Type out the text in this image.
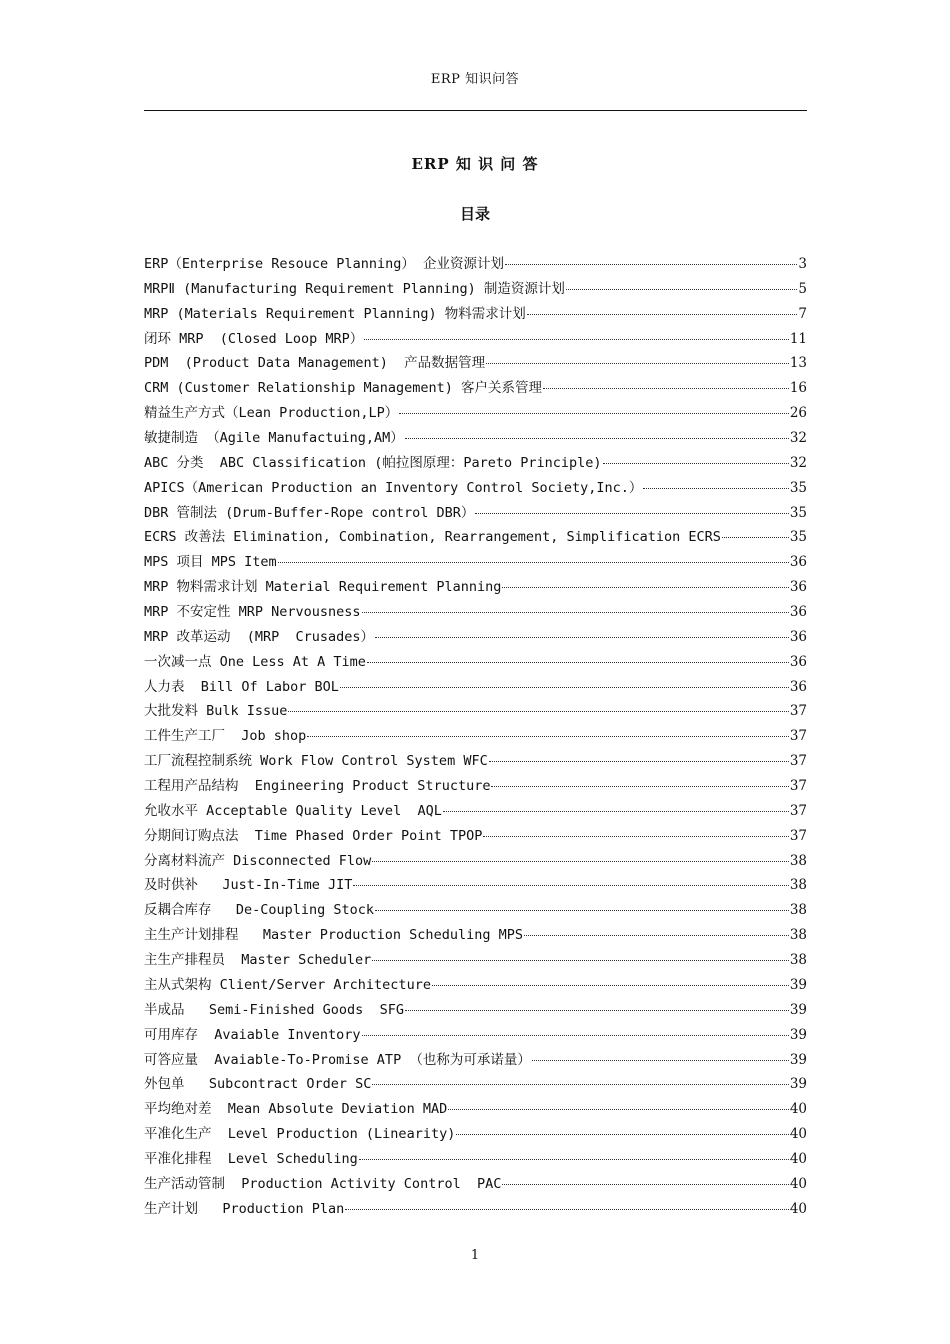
ERP 知识问答
ERP 知 识 问 答
目录
ERP（Enterprise Resouce Planning） 企业资源计划	3
MRPⅡ (Manufacturing Requirement Planning) 制造资源计划	5
MRP (Materials Requirement Planning) 物料需求计划	7
闭环 MRP  (Closed Loop MRP）	11
PDM  (Product Data Management)  产品数据管理	13
CRM (Customer Relationship Management) 客户关系管理	16
精益生产方式（Lean Production,LP）	26
敏捷制造 （Agile Manufactuing,AM）	32
ABC 分类  ABC Classification (帕拉图原理：Pareto Principle)	32
APICS（American Production an Inventory Control Society,Inc.）	35
DBR 管制法 (Drum-Buffer-Rope control DBR）	35
ECRS 改善法 Elimination, Combination, Rearrangement, Simplification ECRS	35
MPS 项目 MPS Item	36
MRP 物料需求计划 Material Requirement Planning	36
MRP 不安定性 MRP Nervousness	36
MRP 改革运动  (MRP  Crusades）	36
一次减一点 One Less At A Time	36
人力表  Bill Of Labor BOL	36
大批发料 Bulk Issue	37
工件生产工厂  Job shop	37
工厂流程控制系统 Work Flow Control System WFC	37
工程用产品结构  Engineering Product Structure	37
允收水平 Acceptable Quality Level  AQL	37
分期间订购点法  Time Phased Order Point TPOP	37
分离材料流产 Disconnected Flow	38
及时供补   Just-In-Time JIT	38
反耦合库存   De-Coupling Stock	38
主生产计划排程   Master Production Scheduling MPS	38
主生产排程员  Master Scheduler	38
主从式架构 Client/Server Architecture	39
半成品   Semi-Finished Goods  SFG	39
可用库存  Avaiable Inventory	39
可答应量  Avaiable-To-Promise ATP （也称为可承诺量）	39
外包单   Subcontract Order SC	39
平均绝对差  Mean Absolute Deviation MAD	40
平准化生产  Level Production (Linearity)	40
平准化排程  Level Scheduling	40
生产活动管制  Production Activity Control  PAC	40
生产计划   Production Plan	40
1
